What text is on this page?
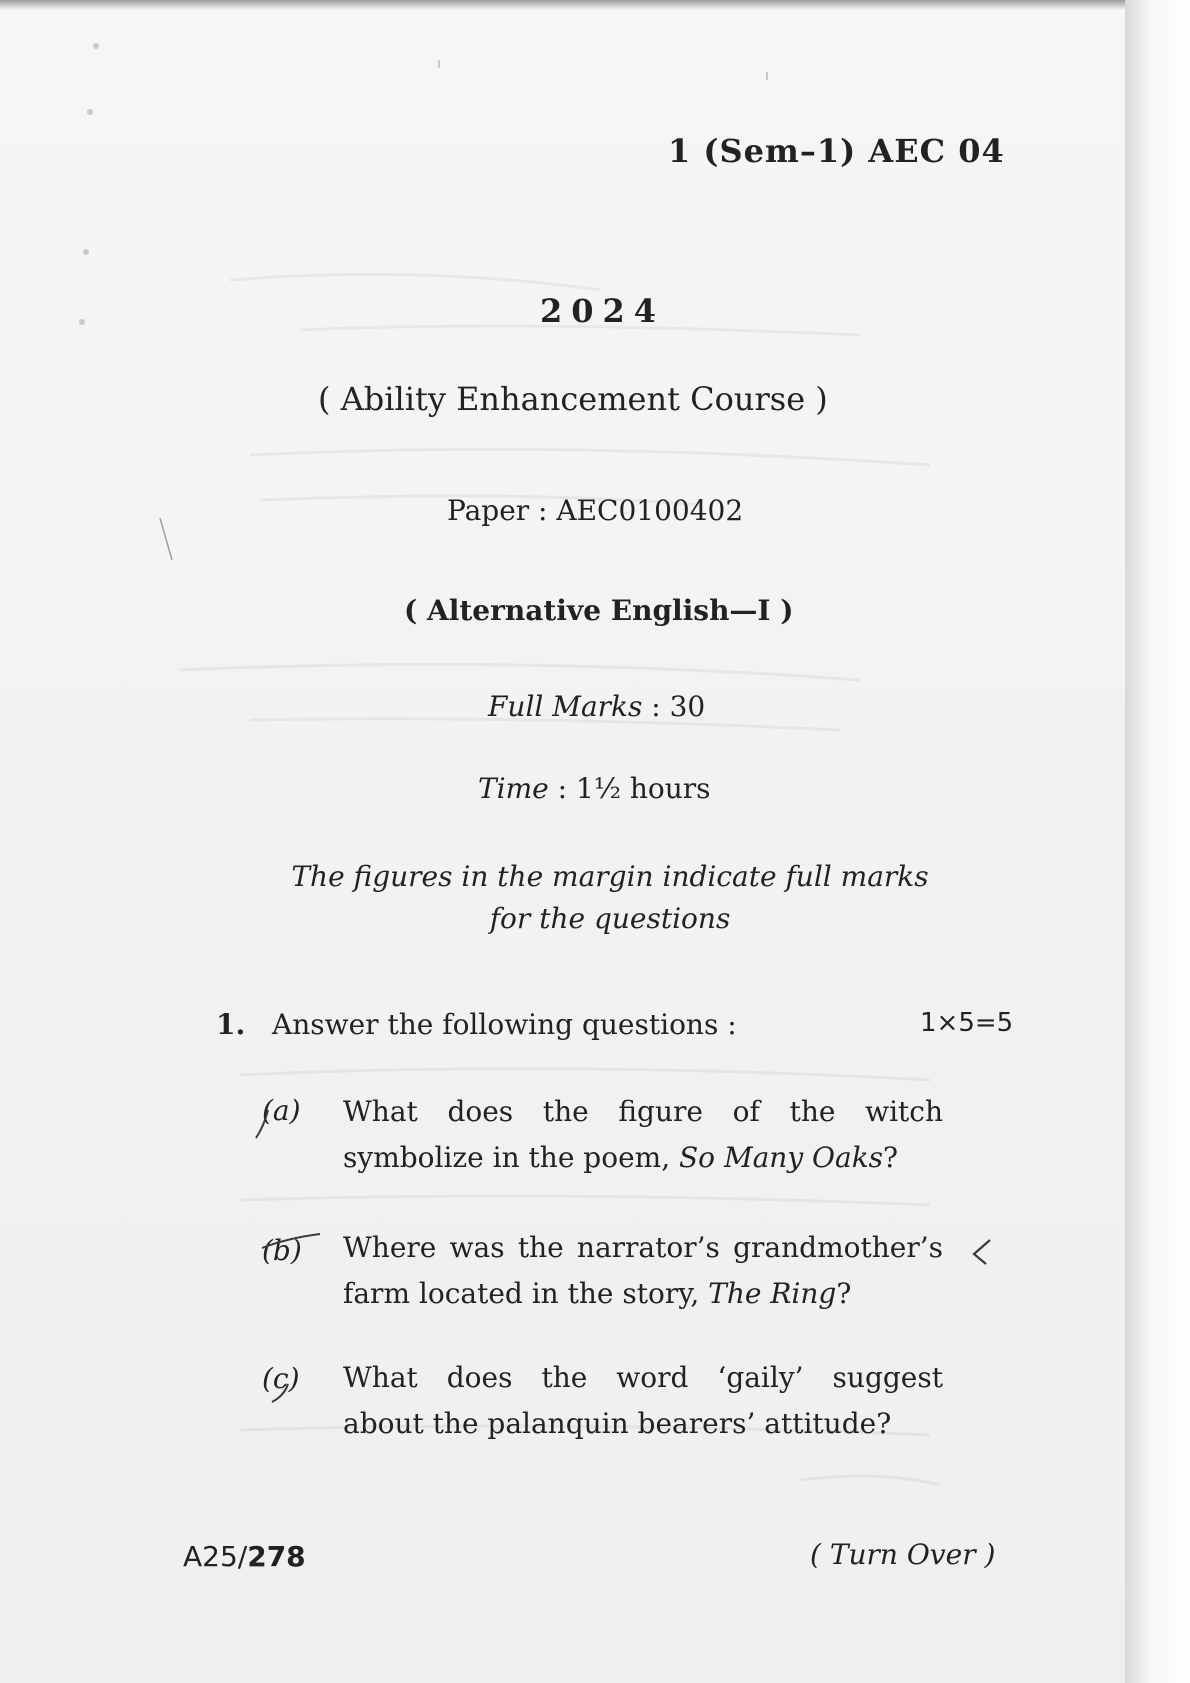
1 (Sem–1) AEC 04
2024
( Ability Enhancement Course )
Paper : AEC0100402
( Alternative English—I )
Full Marks : 30
Time : 1½ hours
The figures in the margin indicate full marks
for the questions
1. Answer the following questions :	1×5=5
(a) What does the figure of the witch
symbolize in the poem, So Many Oaks?
(b) Where was the narrator’s grandmother’s
farm located in the story, The Ring?
(c) What does the word ‘gaily’ suggest
about the palanquin bearers’ attitude?
A25/278	( Turn Over )
